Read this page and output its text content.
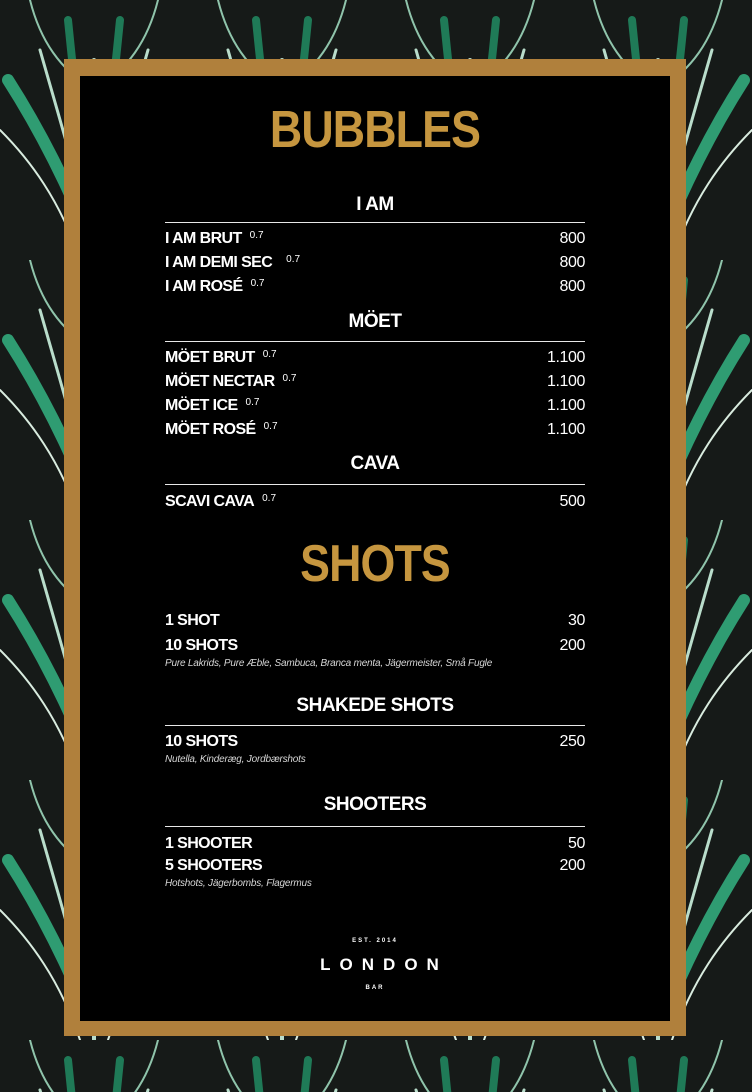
BUBBLES
I AM
I AM BRUT $^{0.7}$	800
I AM DEMI SEC $^{0.7}$	800
I AM ROSÉ $^{0.7}$	800
MÖET
MÖET BRUT $^{0.7}$	1.100
MÖET NECTAR $^{0.7}$	1.100
MÖET ICE $^{0.7}$	1.100
MÖET ROSÉ $^{0.7}$	1.100
CAVA
SCAVI CAVA $^{0.7}$	500
SHOTS
1 SHOT	30
10 SHOTS	200
Pure Lakrids, Pure Æble, Sambuca, Branca menta, Jägermeister, Små Fugle
SHAKEDE SHOTS
10 SHOTS	250
Nutella, Kinderæg, Jordbærshots
SHOOTERS
1 SHOOTER	50
5 SHOOTERS	200
Hotshots, Jägerbombs, Flagermus
EST. 2014
LONDON
BAR
